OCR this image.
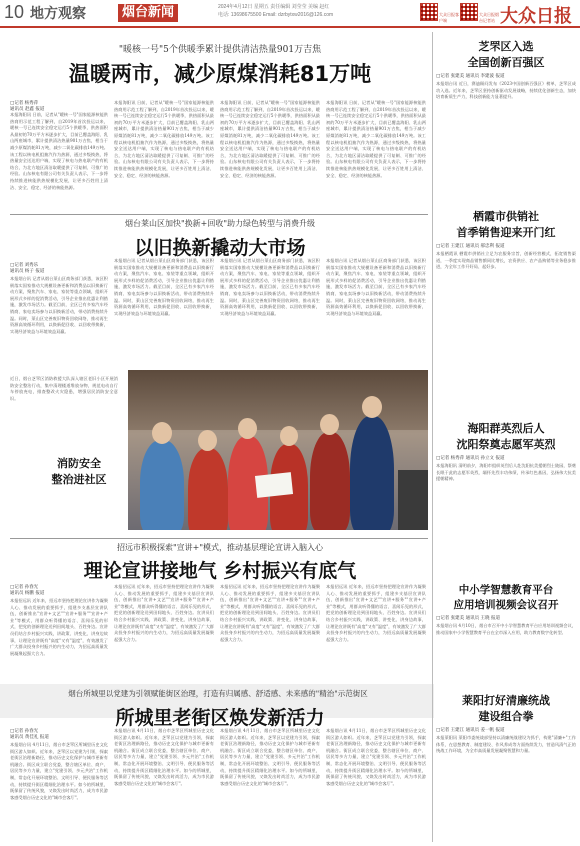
10 地方观察	烟台新闻	2024年4月12日 星期五 责任编辑 刘莹莹 美编 赵红
电话: 13698675500 Email: dzrbytxw2016@126.com	大众日报客户端
大众日报烟台记者站 大众日报
"暖核一号"5个供暖季累计提供清洁热量901万吉焦
温暖两市，减少原煤消耗81万吨
□记者 杨秀萍
通讯员 赵鑫 报道
本报海阳讯 日前，记者从"暖核一号"国家能源核能供热商用示范工程了解到，自2019年首次投运以来，暖核一号已连续安全稳定运行5个供暖季，供热面积从最初的70万平方米逐步扩大，目前已覆盖海阳、乳山两座城市，累计提供清洁热量901万吉焦，相当于减少原煤消耗81万吨，减少二氧化碳排放149万吨。该工程以核电机组抽汽作为热源，通过多级换热，将热量安全送达用户端，实现了核电与热电联产的有机结合，为北方地区清洁取暖提供了可复制、可推广的经验。山东核电有限公司有关负责人表示，下一步将持续推进核能供热规模化发展，让更多百姓用上清洁、安全、稳定、经济的核能热源。
本报海阳讯 日前，记者从"暖核一号"国家能源核能供热商用示范工程了解到，自2019年首次投运以来，暖核一号已连续安全稳定运行5个供暖季，供热面积从最初的70万平方米逐步扩大，目前已覆盖海阳、乳山两座城市，累计提供清洁热量901万吉焦，相当于减少原煤消耗81万吨，减少二氧化碳排放149万吨。该工程以核电机组抽汽作为热源，通过多级换热，将热量安全送达用户端，实现了核电与热电联产的有机结合，为北方地区清洁取暖提供了可复制、可推广的经验。山东核电有限公司有关负责人表示，下一步将持续推进核能供热规模化发展，让更多百姓用上清洁、安全、稳定、经济的核能热源。
本报海阳讯 日前，记者从"暖核一号"国家能源核能供热商用示范工程了解到，自2019年首次投运以来，暖核一号已连续安全稳定运行5个供暖季，供热面积从最初的70万平方米逐步扩大，目前已覆盖海阳、乳山两座城市，累计提供清洁热量901万吉焦，相当于减少原煤消耗81万吨，减少二氧化碳排放149万吨。该工程以核电机组抽汽作为热源，通过多级换热，将热量安全送达用户端，实现了核电与热电联产的有机结合，为北方地区清洁取暖提供了可复制、可推广的经验。山东核电有限公司有关负责人表示，下一步将持续推进核能供热规模化发展，让更多百姓用上清洁、安全、稳定、经济的核能热源。
本报海阳讯 日前，记者从"暖核一号"国家能源核能供热商用示范工程了解到，自2019年首次投运以来，暖核一号已连续安全稳定运行5个供暖季，供热面积从最初的70万平方米逐步扩大，目前已覆盖海阳、乳山两座城市，累计提供清洁热量901万吉焦，相当于减少原煤消耗81万吨，减少二氧化碳排放149万吨。该工程以核电机组抽汽作为热源，通过多级换热，将热量安全送达用户端，实现了核电与热电联产的有机结合，为北方地区清洁取暖提供了可复制、可推广的经验。山东核电有限公司有关负责人表示，下一步将持续推进核能供热规模化发展，让更多百姓用上清洁、安全、稳定、经济的核能热源。
烟台莱山区加快"换新+回收"助力绿色转型与消费升级
以旧换新撬动大市场
□记者 刘秀乐
通讯员 杨子 报道
本报烟台讯 记者从烟台莱山区商务部门获悉，该区积极落实国家推动大规模设备更新和消费品以旧换新行动方案，聚焦汽车、家电、家装等重点领域，组织开展形式多样的促消费活动，引导企业推出优惠让利措施，激发市场活力。截至目前，全区已有多家汽车经销商、家电卖场参与以旧换新活动，带动消费持续升温。同时，莱山区完善废旧物资回收网络，推动再生资源高效循环利用，以换新促回收、以回收带换新，实现经济效益与环境效益双赢。
本报烟台讯 记者从烟台莱山区商务部门获悉，该区积极落实国家推动大规模设备更新和消费品以旧换新行动方案，聚焦汽车、家电、家装等重点领域，组织开展形式多样的促消费活动，引导企业推出优惠让利措施，激发市场活力。截至目前，全区已有多家汽车经销商、家电卖场参与以旧换新活动，带动消费持续升温。同时，莱山区完善废旧物资回收网络，推动再生资源高效循环利用，以换新促回收、以回收带换新，实现经济效益与环境效益双赢。
本报烟台讯 记者从烟台莱山区商务部门获悉，该区积极落实国家推动大规模设备更新和消费品以旧换新行动方案，聚焦汽车、家电、家装等重点领域，组织开展形式多样的促消费活动，引导企业推出优惠让利措施，激发市场活力。截至目前，全区已有多家汽车经销商、家电卖场参与以旧换新活动，带动消费持续升温。同时，莱山区完善废旧物资回收网络，推动再生资源高效循环利用，以换新促回收、以回收带换新，实现经济效益与环境效益双赢。
本报烟台讯 记者从烟台莱山区商务部门获悉，该区积极落实国家推动大规模设备更新和消费品以旧换新行动方案，聚焦汽车、家电、家装等重点领域，组织开展形式多样的促消费活动，引导企业推出优惠让利措施，激发市场活力。截至目前，全区已有多家汽车经销商、家电卖场参与以旧换新活动，带动消费持续升温。同时，莱山区完善废旧物资回收网络，推动再生资源高效循环利用，以换新促回收、以回收带换新，实现经济效益与环境效益双赢。
消防安全
整治进社区
近日，烟台芝罘区消防救援大队深入辖区老旧小区开展消防安全整治行动，集中清理楼道堆放杂物，规范电动自行车停放充电，排查整改火灾隐患，增强居民消防安全意识。
招远市积极探索"宣讲+"模式，推动基层理论宣讲入脑入心
理论宣讲接地气 乡村振兴有底气
□记者 孙春光
通讯员 杨鹏 报道
本报招远讯 近年来，招远市坚持把理论宣讲作为凝聚人心、推动发展的重要抓手，组建多支基层宣讲队伍，创新推出"宣讲+文艺""宣讲+服务""宣讲+产业"等模式，用群众听得懂的语言、喜闻乐见的形式，把党的创新理论送到田间地头、百姓身边。宣讲员们结合乡村振兴实践，讲政策、讲变化、讲身边故事，让理论宣讲既有"高度"又有"温度"，有效激发了广大群众投身乡村振兴的内生动力，为招远高质量发展凝聚起强大合力。
本报招远讯 近年来，招远市坚持把理论宣讲作为凝聚人心、推动发展的重要抓手，组建多支基层宣讲队伍，创新推出"宣讲+文艺""宣讲+服务""宣讲+产业"等模式，用群众听得懂的语言、喜闻乐见的形式，把党的创新理论送到田间地头、百姓身边。宣讲员们结合乡村振兴实践，讲政策、讲变化、讲身边故事，让理论宣讲既有"高度"又有"温度"，有效激发了广大群众投身乡村振兴的内生动力，为招远高质量发展凝聚起强大合力。
本报招远讯 近年来，招远市坚持把理论宣讲作为凝聚人心、推动发展的重要抓手，组建多支基层宣讲队伍，创新推出"宣讲+文艺""宣讲+服务""宣讲+产业"等模式，用群众听得懂的语言、喜闻乐见的形式，把党的创新理论送到田间地头、百姓身边。宣讲员们结合乡村振兴实践，讲政策、讲变化、讲身边故事，让理论宣讲既有"高度"又有"温度"，有效激发了广大群众投身乡村振兴的内生动力，为招远高质量发展凝聚起强大合力。
本报招远讯 近年来，招远市坚持把理论宣讲作为凝聚人心、推动发展的重要抓手，组建多支基层宣讲队伍，创新推出"宣讲+文艺""宣讲+服务""宣讲+产业"等模式，用群众听得懂的语言、喜闻乐见的形式，把党的创新理论送到田间地头、百姓身边。宣讲员们结合乡村振兴实践，讲政策、讲变化、讲身边故事，让理论宣讲既有"高度"又有"温度"，有效激发了广大群众投身乡村振兴的内生动力，为招远高质量发展凝聚起强大合力。
烟台所城里以党建为引领赋能街区治理，打造有归属感、舒适感、未来感的"精治"示范街区
所城里老街区焕发新活力
□记者 孙春光
通讯员 黄佳礼 报道
本报烟台讯 4月11日，烟台市芝罘区所城里历史文化街区游人如织。近年来，芝罘区以党建为引领，探索老街区治理新路径，推动历史文化保护与城市更新有机融合。街区成立联合党委，整合辖区单位、商户、居民等多方力量，建立"党建引领、多元共治"工作机制，常态化开展环境整治、文明引导、便民服务等活动，持续提升街区精细化治理水平。如今的所城里，既保留了传统风貌，又焕发出时尚活力，成为市民游客感受烟台历史文化的"城市会客厅"。
本报烟台讯 4月11日，烟台市芝罘区所城里历史文化街区游人如织。近年来，芝罘区以党建为引领，探索老街区治理新路径，推动历史文化保护与城市更新有机融合。街区成立联合党委，整合辖区单位、商户、居民等多方力量，建立"党建引领、多元共治"工作机制，常态化开展环境整治、文明引导、便民服务等活动，持续提升街区精细化治理水平。如今的所城里，既保留了传统风貌，又焕发出时尚活力，成为市民游客感受烟台历史文化的"城市会客厅"。
本报烟台讯 4月11日，烟台市芝罘区所城里历史文化街区游人如织。近年来，芝罘区以党建为引领，探索老街区治理新路径，推动历史文化保护与城市更新有机融合。街区成立联合党委，整合辖区单位、商户、居民等多方力量，建立"党建引领、多元共治"工作机制，常态化开展环境整治、文明引导、便民服务等活动，持续提升街区精细化治理水平。如今的所城里，既保留了传统风貌，又焕发出时尚活力，成为市民游客感受烟台历史文化的"城市会客厅"。
本报烟台讯 4月11日，烟台市芝罘区所城里历史文化街区游人如织。近年来，芝罘区以党建为引领，探索老街区治理新路径，推动历史文化保护与城市更新有机融合。街区成立联合党委，整合辖区单位、商户、居民等多方力量，建立"党建引领、多元共治"工作机制，常态化开展环境整治、文明引导、便民服务等活动，持续提升街区精细化治理水平。如今的所城里，既保留了传统风貌，又焕发出时尚活力，成为市民游客感受烟台历史文化的"城市会客厅"。
芝罘区入选
全国创新百强区
□记者 张建美 通讯员 李建波 报道
本报烟台讯 近日，赛迪顾问发布《2023中国创新百强区》榜单，芝罘区成功入选。近年来，芝罘区坚持创新驱动发展战略，持续优化创新生态，加快培育新质生产力，科技创新能力显著提升。
栖霞市供销社
首季销售迎来开门红
□记者 王建江 通讯员 郝忠利 报道
本报栖霞讯 栖霞市供销社立足为农服务宗旨，创新经营模式，拓宽销售渠道，一季度实现商品销售额同比增长，农资供应、农产品购销等业务稳步推进，为全年工作开好局、起好步。
海阳群英烈后人
沈阳祭奠志愿军英烈
□记者 杨秀萍 通讯员 孙立文 报道
本报海阳讯 清明前夕，海阳市组织英烈后人赴沈阳抗美援朝烈士陵园，祭奠长眠于此的志愿军英烈，缅怀先烈丰功伟绩，传承红色基因，弘扬伟大抗美援朝精神。
中小学智慧教育平台
应用培训视频会议召开
□记者 张建美 通讯员 王晓 报道
本报烟台讯 4月10日，烟台市召开中小学智慧教育平台应用培训视频会议，推动国家中小学智慧教育平台在全市深入应用，助力教育数字化转型。
莱阳打好清廉统战
建设组合拳
□记者 王建江 通讯员 姜一帆 报道
本报莱阳讯 莱阳市委统战部坚持以清廉统战建设为抓手，构建"清廉+"工作体系，在思想教育、制度建设、作风养成等方面持续发力，营造风清气正的统战工作环境，为全市高质量发展凝聚智慧和力量。
